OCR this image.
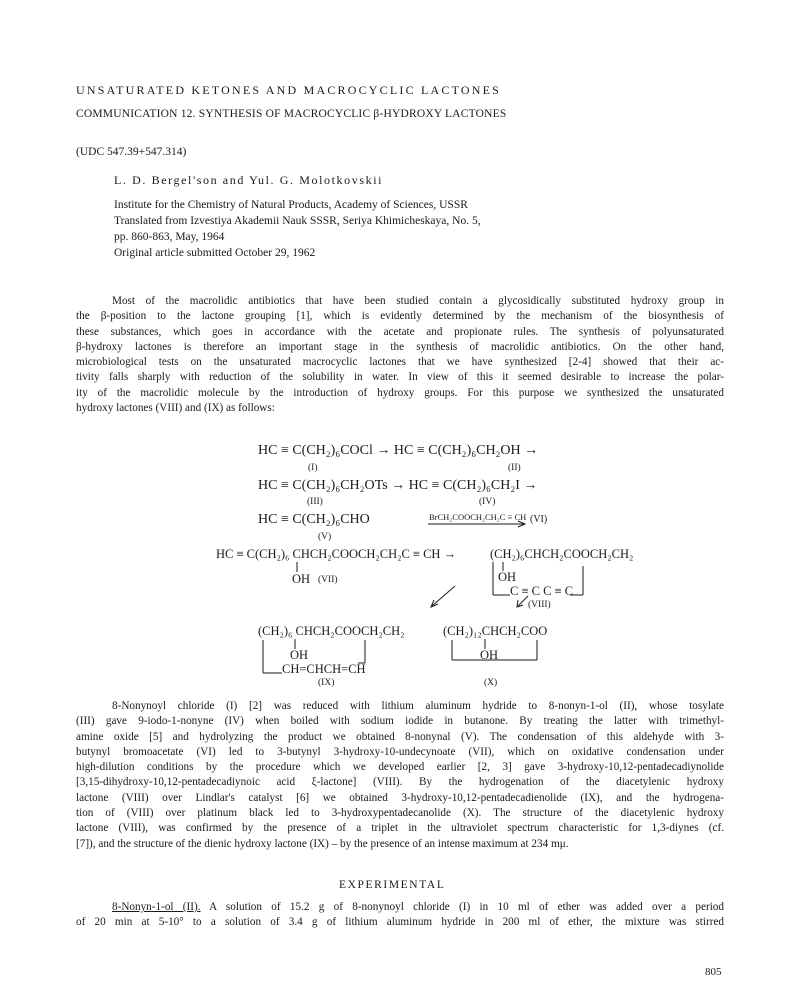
UNSATURATED KETONES AND MACROCYCLIC LACTONES
COMMUNICATION 12. SYNTHESIS OF MACROCYCLIC β-HYDROXY LACTONES
(UDC 547.39+547.314)
L. D. Bergel'son and Yul. G. Molotkovskii
Institute for the Chemistry of Natural Products, Academy of Sciences, USSR
Translated from Izvestiya Akademii Nauk SSSR, Seriya Khimicheskaya, No. 5,
pp. 860-863, May, 1964
Original article submitted October 29, 1962
Most of the macrolidic antibiotics that have been studied contain a glycosidically substituted hydroxy group in
the β-position to the lactone grouping [1], which is evidently determined by the mechanism of the biosynthesis of
these substances, which goes in accordance with the acetate and propionate rules. The synthesis of polyunsaturated
β-hydroxy lactones is therefore an important stage in the synthesis of macrolidic antibiotics. On the other hand,
microbiological tests on the unsaturated macrocyclic lactones that we have synthesized [2-4] showed that their ac-
tivity falls sharply with reduction of the solubility in water. In view of this it seemed desirable to increase the polar-
ity of the macrolidic molecule by the introduction of hydroxy groups. For this purpose we synthesized the unsaturated
hydroxy lactones (VIII) and (IX) as follows:
HC ≡ C(CH₂)₆COCl → HC ≡ C(CH₂)₆CH₂OH →
(I)	(II)
HC ≡ C(CH₂)₆CH₂OTs → HC ≡ C(CH₂)₆CH₂I →
(III)	(IV)
HC ≡ C(CH₂)₆CHO	BrCH₂COOCH₂CH₂C ≡ CH (VI)
(V)
HC ≡ C(CH₂)₆ CHCH₂COOCH₂CH₂C ≡ CH →	(CH₂)₆CHCH₂COOCH₂CH₂
OH (VII)	OH
C ≡ C C ≡ C
(VIII)
(CH₂)₆ CHCH₂COOCH₂CH₂	(CH₂)₁₂CHCH₂COO
OH	OH
CH=CHCH=CH
(IX)	(X)
8-Nonynoyl chloride (I) [2] was reduced with lithium aluminum hydride to 8-nonyn-1-ol (II), whose tosylate
(III) gave 9-iodo-1-nonyne (IV) when boiled with sodium iodide in butanone. By treating the latter with trimethyl-
amine oxide [5] and hydrolyzing the product we obtained 8-nonynal (V). The condensation of this aldehyde with 3-
butynyl bromoacetate (VI) led to 3-butynyl 3-hydroxy-10-undecynoate (VII), which on oxidative condensation under
high-dilution conditions by the procedure which we developed earlier [2, 3] gave 3-hydroxy-10,12-pentadecadiynolide
[3,15-dihydroxy-10,12-pentadecadiynoic acid ξ-lactone] (VIII). By the hydrogenation of the diacetylenic hydroxy
lactone (VIII) over Lindlar's catalyst [6] we obtained 3-hydroxy-10,12-pentadecadienolide (IX), and the hydrogena-
tion of (VIII) over platinum black led to 3-hydroxypentadecanolide (X). The structure of the diacetylenic hydroxy
lactone (VIII), was confirmed by the presence of a triplet in the ultraviolet spectrum characteristic for 1,3-diynes (cf.
[7]), and the structure of the dienic hydroxy lactone (IX) – by the presence of an intense maximum at 234 mμ.
EXPERIMENTAL
8-Nonyn-1-ol (II). A solution of 15.2 g of 8-nonynoyl chloride (I) in 10 ml of ether was added over a period
of 20 min at 5-10° to a solution of 3.4 g of lithium aluminum hydride in 200 ml of ether, the mixture was stirred
805
